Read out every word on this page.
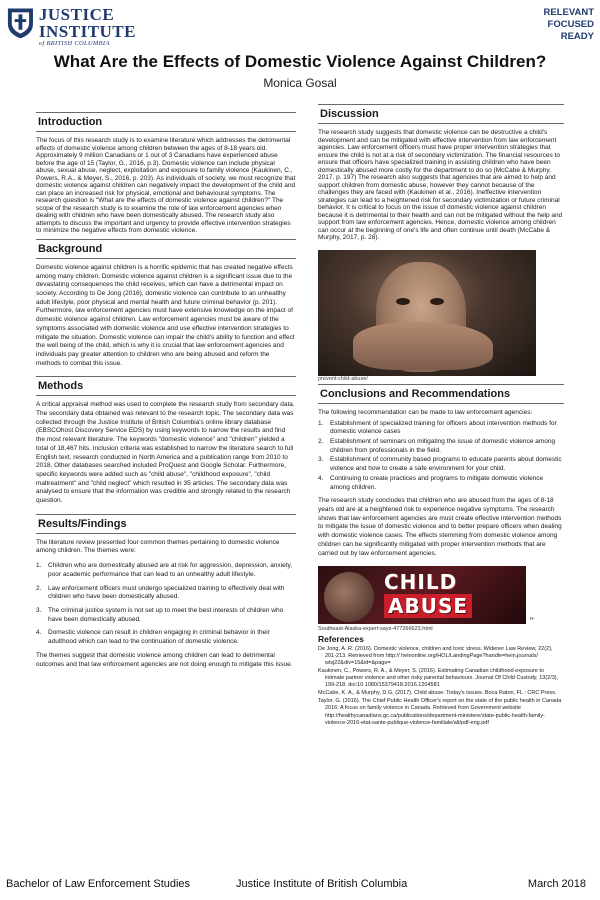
JUSTICE
INSTITUTE
of BRITISH COLUMBIA
RELEVANT
FOCUSED
READY
What Are the Effects of Domestic Violence Against Children?
Monica Gosal
Introduction

The focus of this research study is to examine literature which addresses the detrimental effects of domestic violence among children between the ages of 8-18 years old. Approximately 9 million Canadians or 1 out of 3 Canadians have experienced abuse before the age of 15 (Taylor, G., 2016, p.3). Domestic violence can include physical abuse, sexual abuse, neglect, exploitation and exposure to family violence (Kaukinen, C., Powers, R.A., & Meyer, S., 2016, p. 203). As individuals of society, we must recognize that domestic violence against children can negatively impact the development of the child and can place an increased risk for physical, emotional and behavioural symptoms. The research question is "What are the effects of domestic violence against children?" The scope of the research study is to examine the role of law enforcement agencies when dealing with children who have been domestically abused. The research study also attempts to discuss the important and urgency to provide effective intervention strategies to minimize the negative effects from domestic violence.

Background

Domestic violence against children is a horrific epidemic that has created negative effects among many children. Domestic violence against children is a significant issue due to the devastating consequences the child receives, which can have a detrimental impact on society. According to De Jong (2016), domestic violence can contribute to an unhealthy adult lifestyle, poor physical and mental health and future criminal behavior (p. 201). Furthermore, law enforcement agencies must have extensive knowledge on the impact of domestic violence against children. Law enforcement agencies must be aware of the symptoms associated with domestic violence and use effective intervention strategies to mitigate the situation. Domestic violence can impair the child's ability to function and effect the well being of the child, which is why it is crucial that law enforcement agencies and individuals pay greater attention to children who are being abused and reform the methods to combat this issue.

Methods

A critical appraisal method was used to complete the research study from secondary data. The secondary data obtained was relevant to the research topic. The secondary data was collected through the Justice Institute of British Columbia's online library database (EBSCOhost Discovery Service EDS) by using keywords to narrow the results and find the most relevant literature. The keywords "domestic violence" and "children" yielded a total of 18,467 hits. Inclusion criteria was established to narrow the literature search to full English text, research conducted in North America and a publication range from 2010 to 2018. Other databases searched included ProQuest and Google Scholar. Furthermore, specific keywords were added such as "child abuse", "childhood exposure", "child maltreatment" and "child neglect" which resulted in 35 articles. The secondary data was analysed to ensure that the information was credible and strongly related to the research question.

Results/Findings

The literature review presented four common themes pertaining to domestic violence among children. The themes were:

1.	Children who are domestically abused are at risk for aggression, depression, anxiety, poor academic performance that can lead to an unhealthy adult lifestyle.
2.	Law enforcement officers must undergo specialized training to effectively deal with children who have been domestically abused.
3.	The criminal justice system is not set up to meet the best interests of children who have been domestically abused.
4.	Domestic violence can result in children engaging in criminal behavior in their adulthood which can lead to the continuation of domestic violence.

The themes suggest that domestic violence among children can lead to detrimental outcomes and that law enforcement agencies are not doing enough to mitigate this issue.

Discussion

The research study suggests that domestic violence can be destructive a child's development and can be mitigated with effective intervention from law enforcement agencies. Law enforcement officers must have proper intervention strategies that ensure the child is not at a risk of secondary victimization. The financial resources to ensure that officers have specialized training in assisting children who have been domestically abused more costly for the department to do so (McCabe & Murphy, 2017, p. 197) The research also suggests that agencies that are aimed to help and support children from domestic abuse, however they cannot because of the challenges they are faced with (Kaukinen et al., 2016). Ineffective intervention strategies can lead to a heightened risk for secondary victimization or future criminal behavior. It is critical to focus on the issue of domestic violence against children because it is detrimental to their health and can not be mitigated without the help and support from law enforcement agencies. Hence, domestic violence among children can occur at the beginning of one's life and often continue until death (McCabe & Murphy, 2017, p. 28).

prevent-child-abuse/
Conclusions and Recommendations

The following recommendation can be made to law enforcement agencies:

1.	Establishment of specialized training for officers about intervention methods for domestic violence cases
2.	Establishment of seminars on mitigating the issue of domestic violence among children from professionals in the field.
3.	Establishment of community based programs to educate parents about domestic violence and how to create a safe environment for your child.
4.	Continuing to create practices and programs to mitigate domestic violence among children.

The research study concludes that children who are abused from the ages of 8-18 years old are at a heightened risk to experience negative symptoms. The research shows that law enforcement agencies are must create effective intervention methods to mitigate the issue of domestic violence and to better prepare officers when dealing with domestic violence cases. The effects stemming from domestic violence among children can be significantly mitigated with proper intervention methods that are carried out by law enforcement agencies.

CHILD
ABUSE
n-
Southeast-Alaska-expert-says-477266623.html
References

De Jong, A. R. (2016). Domestic violence, children and toxic stress. Widener Law Review, 22(2), 201-213. Retrieved from http:// heinonline.org/HOL/LandingPage?handle=hein.journals/ wlsj22&div=15&id=&page=

Kaukinen, C., Powers, R. A., & Meyer, S. (2016). Estimating Canadian childhood exposure to intimate partner violence and other risky parental behaviours. Journal Of Child Custody, 13(2/3), 199-218. doi:10.1080/15379418.2016.1204581

McCabe, K. A., & Murphy, D.G. (2017). Child abuse: Today's issues. Boca Raton, FL : CRC Press.

Taylor, G. (2016). The Chief Public Health Officer's report on the state of the public health in Canada 2016: A focus on family violence in Canada. Retrieved from Government website http://healthycanadians.gc.ca/publications/department-ministere/state-public-health-family-violence-2016-etat-sante-publique-violence-familiale/alt/pdf-eng.pdf

Bachelor of Law Enforcement Studies	Justice Institute of British Columbia	March 2018
